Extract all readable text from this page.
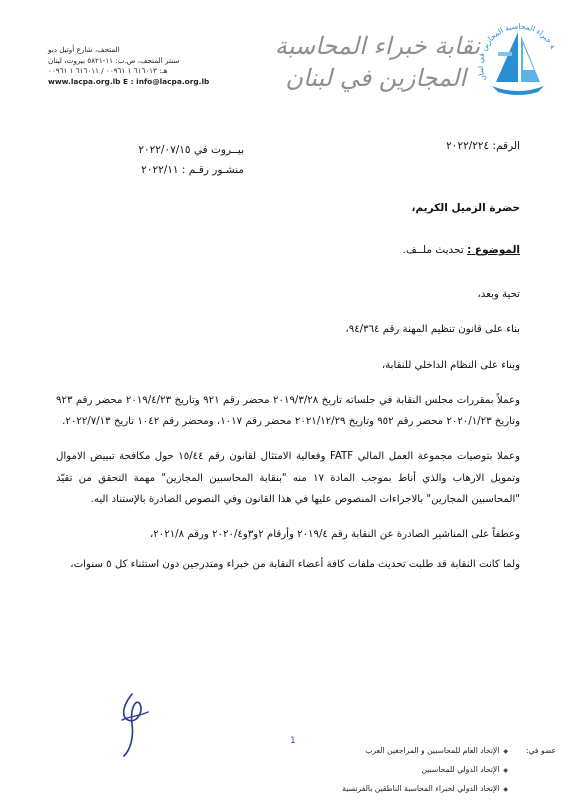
المتحف، شارع أوتيل ديو
سنتر المتحف، ص.ب: ١١-٥٨٢١ بيروت، لبنان
هـ: ٦١٦٠١٣ ١ ٠٠٩٦١ / ٦١٦٠١١ ١ ٠٠٩٦١
www.lacpa.org.lb E : info@lacpa.org.lb
نقابة خبراء المحاسبة
المجازين في لبنان
ة خبراء المحاسبة المجازين ن
الرقم: ٢٠٢٢/٢٢٤
بيــروت في ٢٠٢٢/٠٧/١٥
منشـور رقـم : ٢٠٢٢/١١
حضرة الزميل الكريم،
الموضوع : تحديث ملــف.

تحية وبعد،

بناء على قانون تنظيم المهنة رقم ٩٤/٣٦٤،

وبناء على النظام الداخلي للنقابة،

وعملاً بمقررات مجلس النقابة في جلساته تاريخ ٢٠١٩/٣/٢٨ محضر رقم ٩٢١ وتاريخ ٢٠١٩/٤/٢٣ محضر رقم ٩٢٣ وتاريخ ٢٠٢٠/١/٢٣ محضر رقم ٩٥٢ وتاريخ ٢٠٢١/١٢/٢٩ محضر رقم ١٠١٧، ومحضر رقم ١٠٤٢ تاريخ ٢٠٢٢/٧/١٣.

وعملا بتوصيات مجموعة العمل المالي FATF وفعالية الامتثال لقانون رقم ١٥/٤٤ حول مكافحة تبييض الاموال وتمويل الارهاب والذي أناط بموجب المادة ١٧ منه "بنقابة المحاسبين المجازين" مهمة التحقق من تقيّد "المحاسبين المجازين" بالاجراءات المنصوص عليها في هذا القانون وفي النصوص الصادرة بالإستناد اليه.

وعطفاً على المناشير الصادرة عن النقابة رقم ٢٠١٩/٤ وأرقام ٢و٣و٢٠٢٠/٤ ورقم ٢٠٢١/٨،

ولما كانت النقابة قد طلبت تحديث ملفات كافة أعضاء النقابة من خبراء ومتدرجين دون استثناء كل ٥ سنوات،

1
عضو في:
◆ الإتحاد العام للمحاسبين و المراجعين العرب
◆ الإتحاد الدولي للمحاسبين
◆ الإتحاد الدولي لخبراء المحاسبة الناطقين بالفرنسية
